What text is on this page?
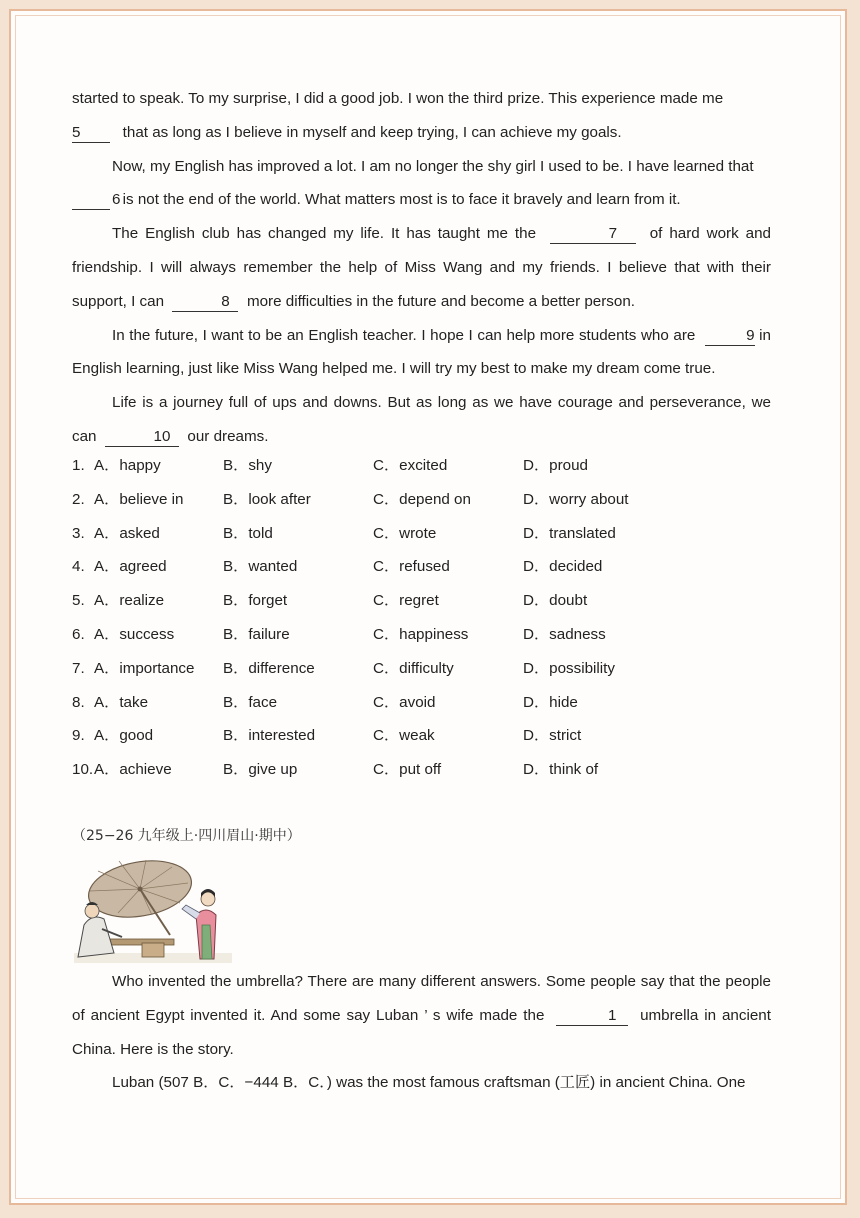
started to speak. To my surprise, I did a good job. I won the third prize. This experience made me
5	that as long as I believe in myself and keep trying, I can achieve my goals.

Now, my English has improved a lot. I am no longer the shy girl I used to be. I have learned that
6 is not the end of the world. What matters most is to face it bravely and learn from it.

The English club has changed my life. It has taught me the	7 of hard work and friendship. I will always remember the help of Miss Wang and my friends. I believe that with their support, I can	8 more difficulties in the future and become a better person.

In the future, I want to be an English teacher. I hope I can help more students who are	9 in English learning, just like Miss Wang helped me. I will try my best to make my dream come true.

Life is a journey full of ups and downs. But as long as we have courage and perseverance, we can	10 our dreams.

1. A．happy	B．shy	C．excited	D．proud
2. A．believe in	B．look after	C．depend on	D．worry about
3. A．asked	B．told	C．wrote	D．translated
4. A．agreed	B．wanted	C．refused	D．decided
5. A．realize	B．forget	C．regret	D．doubt
6. A．success	B．failure	C．happiness	D．sadness
7. A．importance B．difference	C．difficulty	D．possibility
8. A．take	B．face	C．avoid	D．hide
9. A．good	B．interested	C．weak	D．strict
10. A．achieve	B．give up	C．put off	D．think of
（25−26 九年级上·四川眉山·期中）

Who invented the umbrella? There are many different answers. Some people say that the people of ancient Egypt invented it. And some say Luban ’ s wife made the	1 umbrella in ancient China. Here is the story.

Luban (507 B．C．−444 B．C．) was the most famous craftsman (工匠) in ancient China. One
